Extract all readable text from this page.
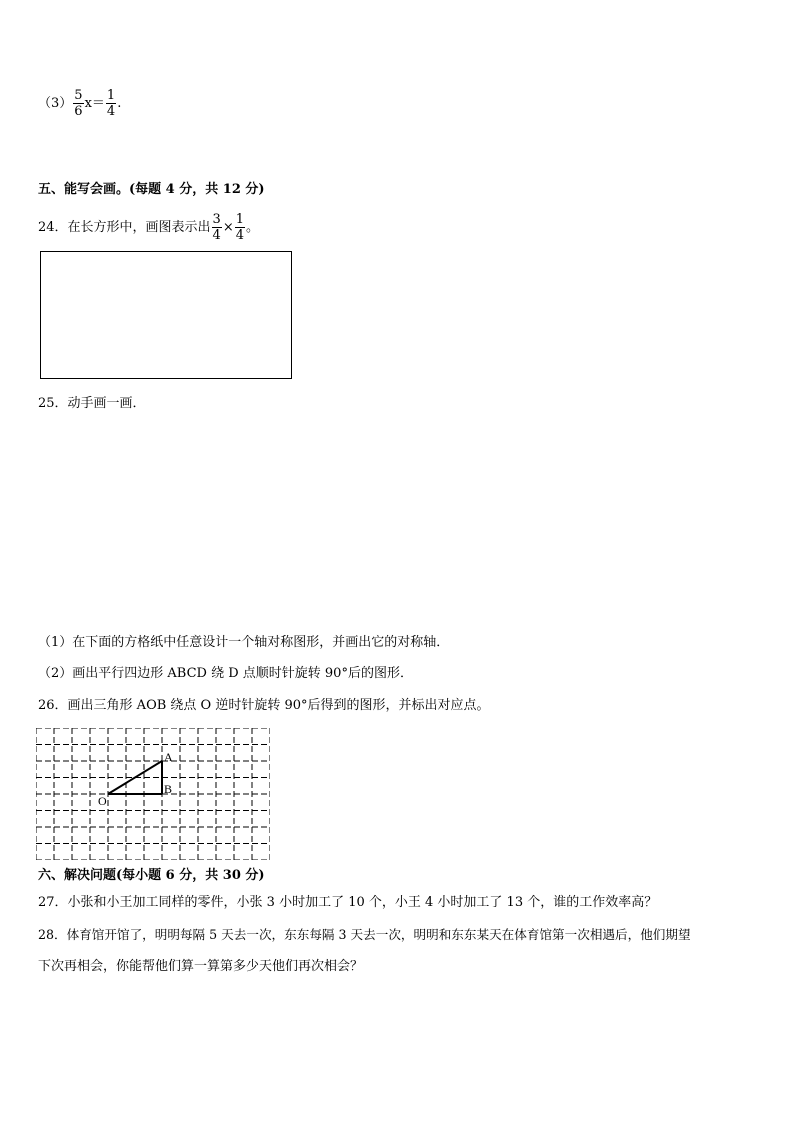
$(3) \frac{5}{6} x= \frac{1}{4}$ .
五、能写会画。(每题 4 分，共 12 分)
24．在长方形中，画图表示出 $\frac{3}{4} \times \frac{1}{4}$ 。
25．动手画一画．
（1）在下面的方格纸中任意设计一个轴对称图形，并画出它的对称轴．
（2）画出平行四边形 ABCD 绕 D 点顺时针旋转 90°后的图形．
26．画出三角形 AOB 绕点 O 逆时针旋转 90°后得到的图形，并标出对应点。
A
B
O
六、解决问题(每小题 6 分，共 30 分)
27．小张和小王加工同样的零件，小张 3 小时加工了 10 个，小王 4 小时加工了 13 个，谁的工作效率高？
28．体育馆开馆了，明明每隔 5 天去一次，东东每隔 3 天去一次，明明和东东某天在体育馆第一次相遇后，他们期望
下次再相会，你能帮他们算一算第多少天他们再次相会？
